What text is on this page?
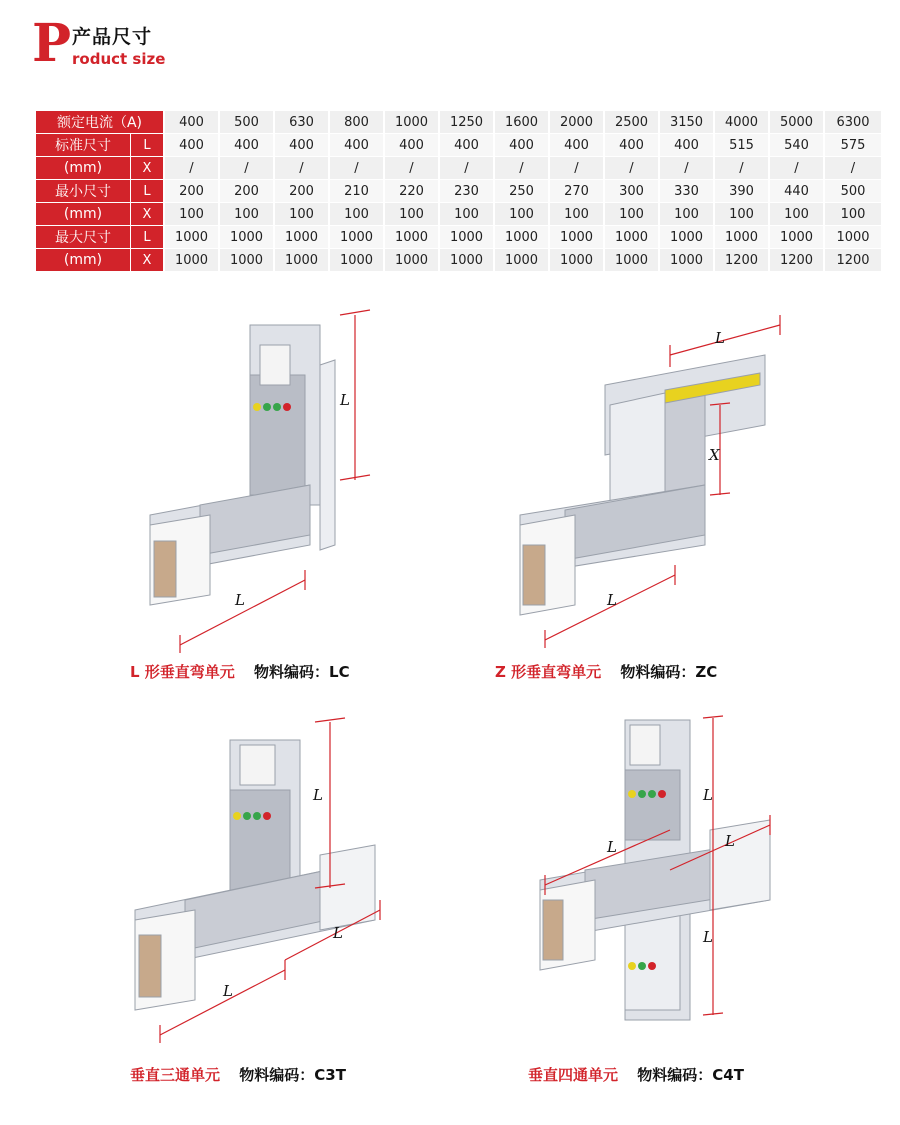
P 产品尺寸
roduct size
额定电流（A)		400	500	630	800	1000	1250	1600	2000	2500	3150	4000	5000	6300
标准尺寸	L	400	400	400	400	400	400	400	400	400	400	515	540	575
(mm)	X	/	/	/	/	/	/	/	/	/	/	/	/	/
最小尺寸	L	200	200	200	210	220	230	250	270	300	330	390	440	500
(mm)	X	100	100	100	100	100	100	100	100	100	100	100	100	100
最大尺寸	L	1000	1000	1000	1000	1000	1000	1000	1000	1000	1000	1000	1000	1000
(mm)	X	1000	1000	1000	1000	1000	1000	1000	1000	1000	1000	1200	1200	1200
L
L
L 形垂直弯单元 物料编码：LC
L
X
L
Z 形垂直弯单元 物料编码：ZC
L
L
L
垂直三通单元 物料编码：C3T
L
L	L
L
垂直四通单元 物料编码：C4T
